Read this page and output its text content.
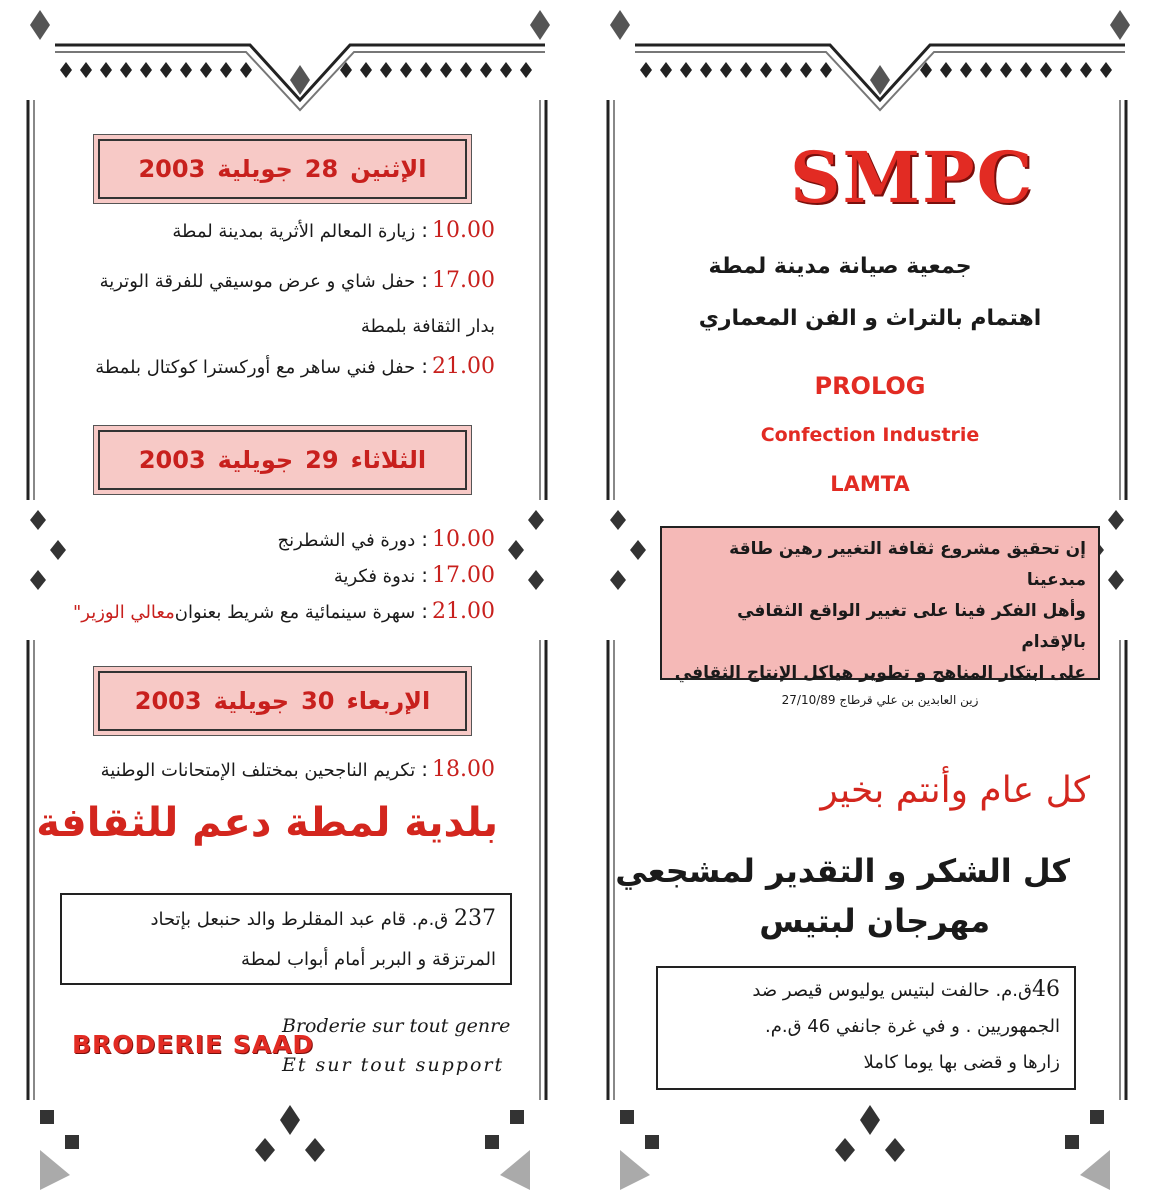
الإثنين
28
جويلية
2003
10.00
:
زيارة المعالم الأثرية بمدينة لمطة
17.00
:
حفل شاي و عرض موسيقي للفرقة الوترية
بدار الثقافة بلمطة
21.00
:
حفل فني ساهر مع أوركسترا كوكتال بلمطة
الثلاثاء
29
جويلية
2003
10.00
:
دورة في الشطرنج
17.00
:
ندوة فكرية
21.00
:
سهرة سينمائية مع شريط بعنوان
معالي الوزير"
الإربعاء
30
جويلية
2003
18.00
:
تكريم الناجحين بمختلف الإمتحانات الوطنية
بلدية لمطة دعم للثقافة
237 ق.م. قام عبد المقلرط والد حنبعل بإتحاد
المرتزقة و البربر أمام أبواب لمطة
BRODERIE SAAD
Broderie sur tout genre
Et sur tout support
SMPC
جمعية صيانة مدينة لمطة
اهتمام بالتراث و الفن المعماري
PROLOG
Confection Industrie
LAMTA
إن تحقيق مشروع ثقافة التغيير رهين طاقة مبدعينا
وأهل الفكر فينا على تغيير الواقع الثقافي بالإقدام
على ابتكار المناهج و تطوير هياكل الإنتاج الثقافي
زين العابدين بن علي قرطاج 27/10/89
كل عام وأنتم بخير
كل الشكر و التقدير لمشجعي
مهرجان لبتيس
46ق.م. حالفت لبتيس يوليوس قيصر ضد
الجمهوريين . و في غرة جانفي 46 ق.م.
زارها و قضى بها يوما كاملا
